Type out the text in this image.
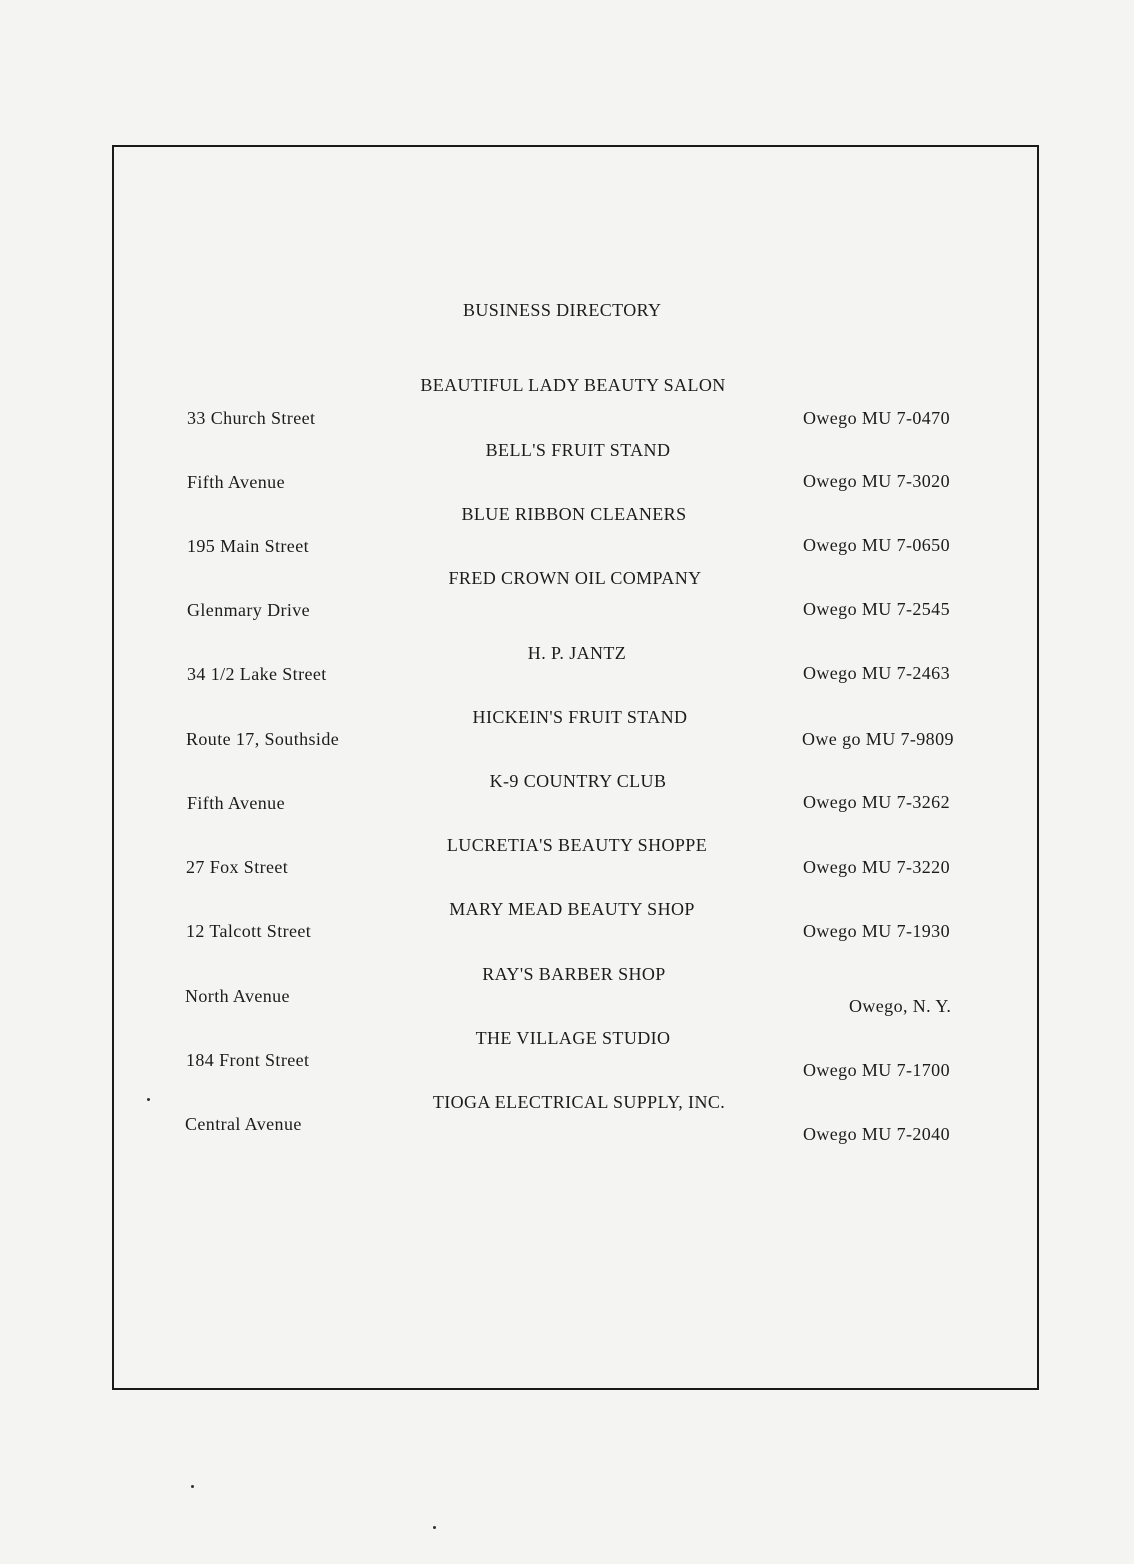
BUSINESS DIRECTORY
BEAUTIFUL LADY BEAUTY SALON
33 Church Street	Owego MU 7-0470
BELL'S FRUIT STAND
Fifth Avenue	Owego MU 7-3020
BLUE RIBBON CLEANERS
195 Main Street	Owego MU 7-0650
FRED CROWN OIL COMPANY
Glenmary Drive	Owego MU 7-2545
H. P. JANTZ
34 1/2 Lake Street	Owego MU 7-2463
HICKEIN'S FRUIT STAND
Route 17, Southside	Owe go MU 7-9809
K-9 COUNTRY CLUB
Fifth Avenue	Owego MU 7-3262
LUCRETIA'S BEAUTY SHOPPE
27 Fox Street	Owego MU 7-3220
MARY MEAD BEAUTY SHOP
12 Talcott Street	Owego MU 7-1930
RAY'S BARBER SHOP
North Avenue	Owego, N. Y.
THE VILLAGE STUDIO
184 Front Street	Owego MU 7-1700
TIOGA ELECTRICAL SUPPLY, INC.
Central Avenue	Owego MU 7-2040
